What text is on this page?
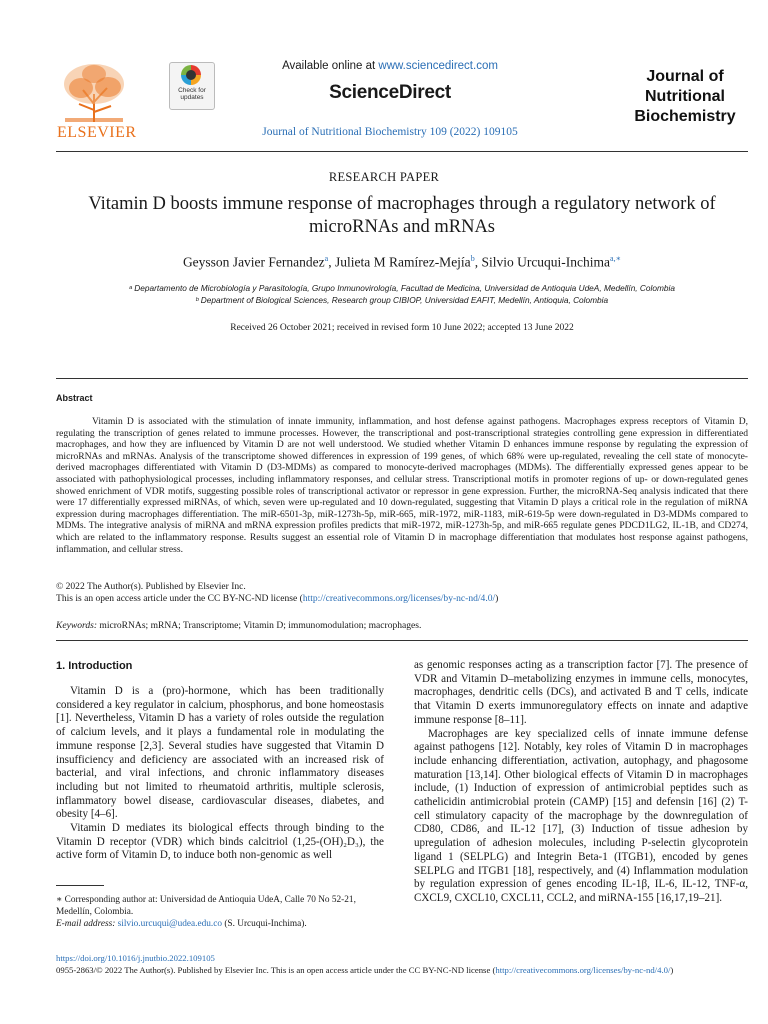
ELSEVIER
Check for updates
Available online at www.sciencedirect.com
ScienceDirect
Journal of Nutritional Biochemistry 109 (2022) 109105
Journal of
Nutritional
Biochemistry
RESEARCH PAPER
Vitamin D boosts immune response of macrophages through a regulatory network of microRNAs and mRNAs
Geysson Javier Fernandez$^a$, Julieta M Ramírez-Mejía$^b$, Silvio Urcuqui-Inchima$^{a,∗}$
ᵃ Departamento de Microbiología y Parasitología, Grupo Inmunovirología, Facultad de Medicina, Universidad de Antioquia UdeA, Medellín, Colombia
ᵇ Department of Biological Sciences, Research group CIBIOP, Universidad EAFIT, Medellín, Antioquia, Colombia
Received 26 October 2021; received in revised form 10 June 2022; accepted 13 June 2022
Abstract
Vitamin D is associated with the stimulation of innate immunity, inflammation, and host defense against pathogens. Macrophages express receptors of Vitamin D, regulating the transcription of genes related to immune processes. However, the transcriptional and post-transcriptional strategies controlling gene expression in differentiated macrophages, and how they are influenced by Vitamin D are not well understood. We studied whether Vitamin D enhances immune response by regulating the expression of microRNAs and mRNAs. Analysis of the transcriptome showed differences in expression of 199 genes, of which 68% were up-regulated, revealing the cell state of monocyte-derived macrophages differentiated with Vitamin D (D3-MDMs) as compared to monocyte-derived macrophages (MDMs). The differentially expressed genes appear to be associated with pathophysiological processes, including inflammatory responses, and cellular stress. Transcriptional motifs in promoter regions of up- or down-regulated genes showed enrichment of VDR motifs, suggesting possible roles of transcriptional activator or repressor in gene expression. Further, the microRNA-Seq analysis indicated that there were 17 differentially expressed miRNAs, of which, seven were up-regulated and 10 down-regulated, suggesting that Vitamin D plays a critical role in the regulation of miRNA expression during macrophages differentiation. The miR-6501-3p, miR-1273h-5p, miR-665, miR-1972, miR-1183, miR-619-5p were down-regulated in D3-MDMs compared to MDMs. The integrative analysis of miRNA and mRNA expression profiles predicts that miR-1972, miR-1273h-5p, and miR-665 regulate genes PDCD1LG2, IL-1B, and CD274, which are related to the inflammatory response. Results suggest an essential role of Vitamin D in macrophage differentiation that modulates host response against pathogens, inflammation, and cellular stress.
© 2022 The Author(s). Published by Elsevier Inc.
This is an open access article under the CC BY-NC-ND license (http://creativecommons.org/licenses/by-nc-nd/4.0/)
Keywords: microRNAs; mRNA; Transcriptome; Vitamin D; immunomodulation; macrophages.
1. Introduction

Vitamin D is a (pro)-hormone, which has been traditionally considered a key regulator in calcium, phosphorus, and bone homeostasis [1]. Nevertheless, Vitamin D has a variety of roles outside the regulation of calcium levels, and it plays a fundamental role in modulating the immune response [2,3]. Several studies have suggested that Vitamin D insufficiency and deficiency are associated with an increased risk of bacterial, and viral infections, and chronic inflammatory diseases including but not limited to rheumatoid arthritis, multiple sclerosis, inflammatory bowel disease, cardiovascular diseases, diabetes, and obesity [4–6].

Vitamin D mediates its biological effects through binding to the Vitamin D receptor (VDR) which binds calcitriol (1,25-(OH)₂D₃), the active form of Vitamin D, to induce both non-genomic as well

as genomic responses acting as a transcription factor [7]. The presence of VDR and Vitamin D–metabolizing enzymes in immune cells, monocytes, macrophages, dendritic cells (DCs), and activated B and T cells, indicate that Vitamin D exerts immunoregulatory effects on innate and adaptive immune response [8–11].

Macrophages are key specialized cells of innate immune defense against pathogens [12]. Notably, key roles of Vitamin D in macrophages include enhancing differentiation, activation, autophagy, and phagosome maturation [13,14]. Other biological effects of Vitamin D in macrophages include, (1) Induction of expression of antimicrobial peptides such as cathelicidin antimicrobial protein (CAMP) [15] and defensin [16] (2) T-cell stimulatory capacity of the macrophage by the downregulation of CD80, CD86, and IL-12 [17], (3) Induction of tissue adhesion by upregulation of adhesion molecules, including P-selectin glycoprotein ligand 1 (SELPLG) and Integrin Beta-1 (ITGB1), encoded by genes SELPLG and ITGB1 [18], respectively, and (4) Inflammation modulation by regulation expression of genes encoding IL-1β, IL-6, IL-12, TNF-α, CXCL9, CXCL10, CXCL11, CCL2, and miRNA-155 [16,17,19–21].

∗ Corresponding author at: Universidad de Antioquia UdeA, Calle 70 No 52-21, Medellín, Colombia.

E-mail address: silvio.urcuqui@udea.edu.co (S. Urcuqui-Inchima).

https://doi.org/10.1016/j.jnutbio.2022.109105
0955-2863/© 2022 The Author(s). Published by Elsevier Inc. This is an open access article under the CC BY-NC-ND license (http://creativecommons.org/licenses/by-nc-nd/4.0/)
